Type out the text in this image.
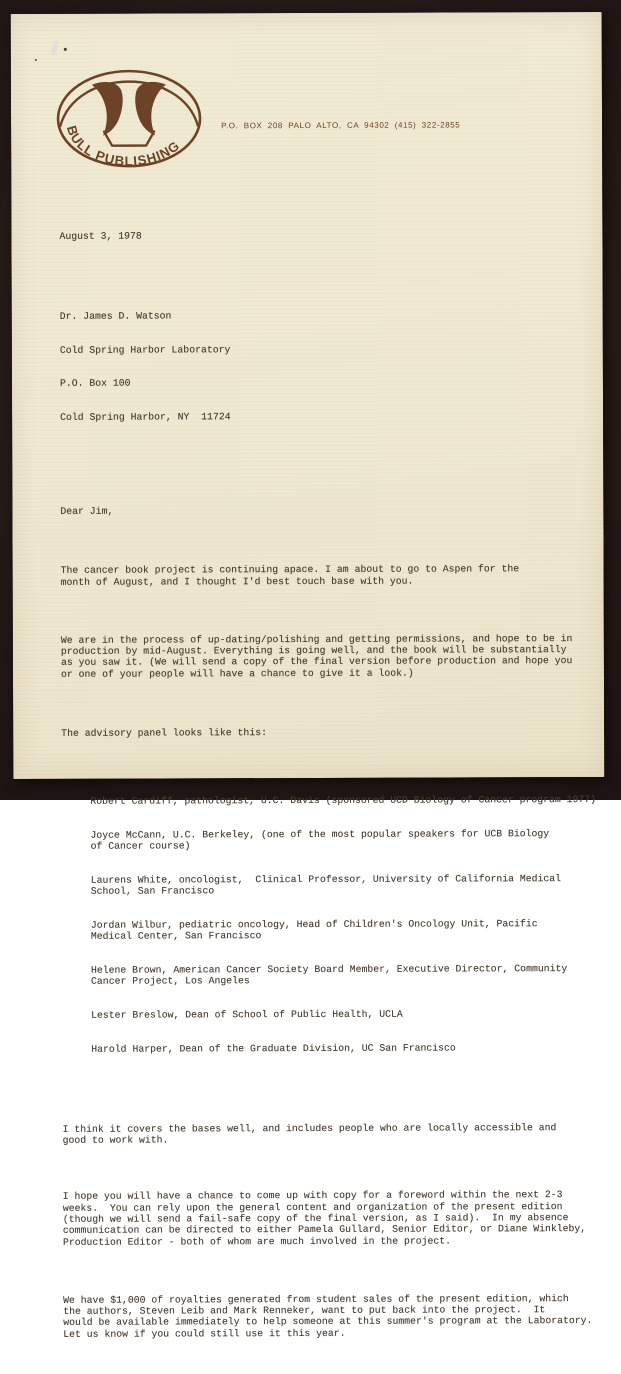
BULL PUBLISHING
P.O. BOX 208 PALO ALTO, CA 94302 (415) 322-2855

August 3, 1978

Dr. James D. Watson

Cold Spring Harbor Laboratory

P.O. Box 100

Cold Spring Harbor, NY  11724

Dear Jim,

The cancer book project is continuing apace. I am about to go to Aspen for the
month of August, and I thought I'd best touch base with you.

We are in the process of up-dating/polishing and getting permissions, and hope to be in
production by mid-August. Everything is going well, and the book will be substantially
as you saw it. (We will send a copy of the final version before production and hope you
or one of your people will have a chance to give it a look.)

The advisory panel looks like this:

Robert Cardiff, pathologist, U.C. Davis (sponsored UCD Biology of Cancer program 1977)

Joyce McCann, U.C. Berkeley, (one of the most popular speakers for UCB Biology
of Cancer course)

Laurens White, oncologist,  Clinical Professor, University of California Medical
School, San Francisco

Jordan Wilbur, pediatric oncology, Head of Children's Oncology Unit, Pacific
Medical Center, San Francisco

Helene Brown, American Cancer Society Board Member, Executive Director, Community
Cancer Project, Los Angeles

Lester Breslow, Dean of School of Public Health, UCLA

Harold Harper, Dean of the Graduate Division, UC San Francisco

I think it covers the bases well, and includes people who are locally accessible and
good to work with.

I hope you will have a chance to come up with copy for a foreword within the next 2-3
weeks.  You can rely upon the general content and organization of the present edition
(though we will send a fail-safe copy of the final version, as I said).  In my absence
communication can be directed to either Pamela Gullard, Senior Editor, or Diane Winkleby,
Production Editor - both of whom are much involved in the project.

We have $1,000 of royalties generated from student sales of the present edition, which
the authors, Steven Leib and Mark Renneker, want to put back into the project.  It
would be available immediately to help someone at this summer's program at the Laboratory.
Let us know if you could still use it this year.
